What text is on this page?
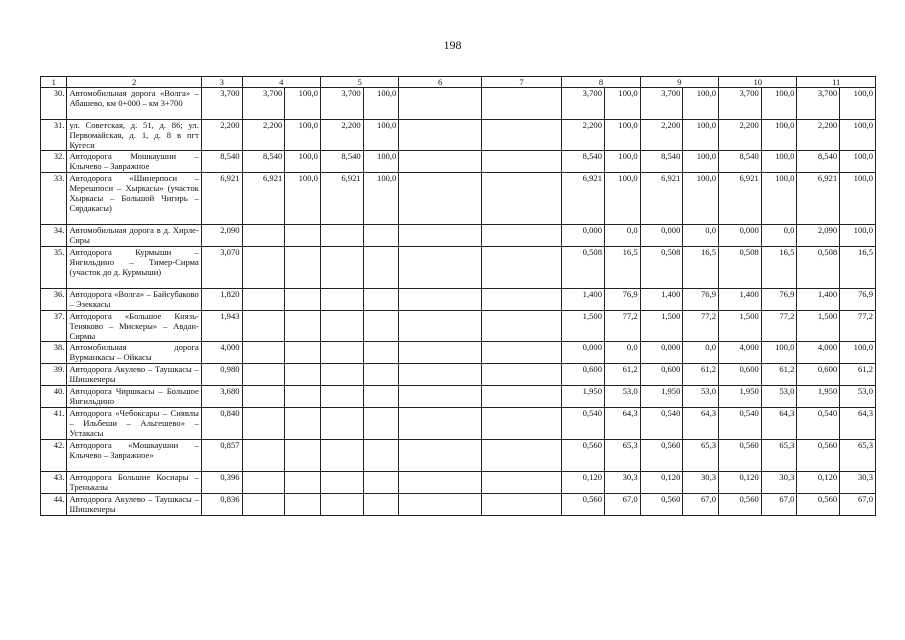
198
1	2	3	4		5		6	7	8		9		10		11	
30.	Автомобильная дорога «Волга» – Абашево, км 0+000 – км 3+700	3,700	3,700	100,0	3,700	100,0			3,700	100,0	3,700	100,0	3,700	100,0	3,700	100,0
31.	ул. Советская, д. 51, д. 86; ул. Первомайская, д. 1, д. 8 в пгт Кугеси	2,200	2,200	100,0	2,200	100,0			2,200	100,0	2,200	100,0	2,200	100,0	2,200	100,0
32.	Автодорога Мошкаушни – Клычево – Завражное	8,540	8,540	100,0	8,540	100,0			8,540	100,0	8,540	100,0	8,540	100,0	8,540	100,0
33.	Автодорога «Шинерпоси – Мерешпоси – Хыркасы» (участок Хыркасы – Большой Чигирь – Сярдакасы)	6,921	6,921	100,0	6,921	100,0			6,921	100,0	6,921	100,0	6,921	100,0	6,921	100,0
34.	Автомобильная дорога в д. Хирле-Сиры	2,090							0,000	0,0	0,000	0,0	0,000	0,0	2,090	100,0
35.	Автодорога Курмыши – Янгильдино – Тимер-Сирма (участок до д. Курмыши)	3,070							0,508	16,5	0,508	16,5	0,508	16,5	0,508	16,5
36.	Автодорога «Волга» – Байсубаково – Эзеккасы	1,820							1,400	76,9	1,400	76,9	1,400	76,9	1,400	76,9
37.	Автодорога «Большое Князь-Теняково – Мискеры» – Авдан-Сирмы	1,943							1,500	77,2	1,500	77,2	1,500	77,2	1,500	77,2
38.	Автомобильная дорога Вурманкасы – Ойкасы	4,000							0,000	0,0	0,000	0,0	4,000	100,0	4,000	100,0
39.	Автодорога Акулево – Таушкасы – Шишкенеры	0,980							0,600	61,2	0,600	61,2	0,600	61,2	0,600	61,2
40.	Автодорога Чиршкасы – Большое Янгильдино	3,680							1,950	53,0	1,950	53,0	1,950	53,0	1,950	53,0
41.	Автодорога «Чебоксары – Сиявлы – Ильбеши – Альгешево» – Устакасы	0,840							0,540	64,3	0,540	64,3	0,540	64,3	0,540	64,3
42.	Автодорога «Мошкаушни – Клычево – Завражное»	0,857							0,560	65,3	0,560	65,3	0,560	65,3	0,560	65,3
43.	Автодорога Большие Косиары – Треньказы	0,396							0,120	30,3	0,120	30,3	0,120	30,3	0,120	30,3
44.	Автодорога Акулево – Таушкасы – Шишкенеры	0,836							0,560	67,0	0,560	67,0	0,560	67,0	0,560	67,0
